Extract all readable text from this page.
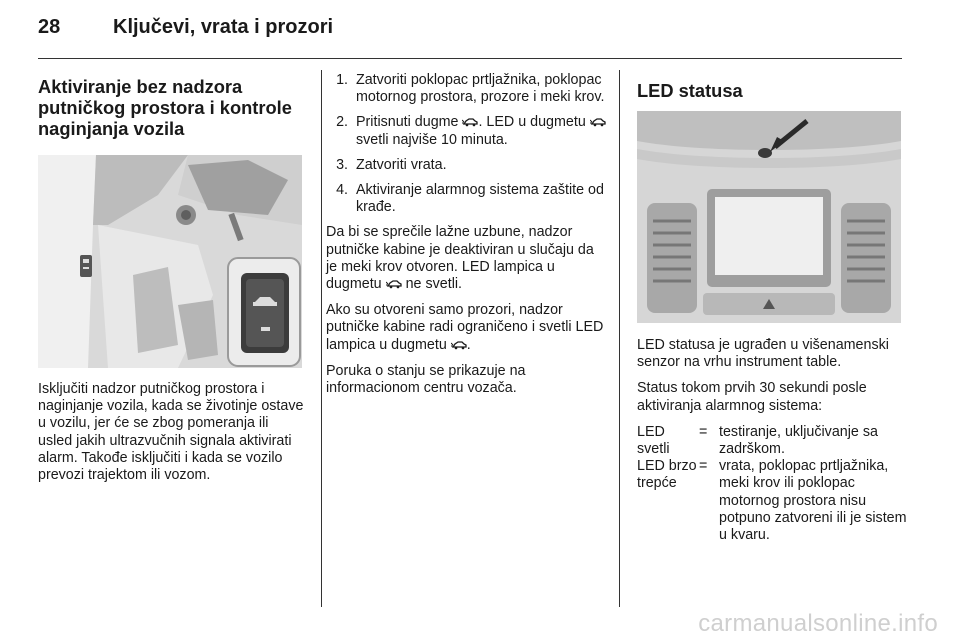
28	Ključevi, vrata i prozori
Aktiviranje bez nadzora putničkog prostora i kontrole naginjanja vozila

Isključiti nadzor putničkog prostora i naginjanje vozila, kada se životinje ostave u vozilu, jer će se zbog pomeranja ili usled jakih ultrazvučnih signala aktivirati alarm. Takođe isključiti i kada se vozilo prevozi trajektom ili vozom.

1. Zatvoriti poklopac prtljažnika, poklopac motornog prostora, prozore i meki krov.
2. Pritisnuti dugme . LED u dugmetu  svetli najviše 10 minuta.
3. Zatvoriti vrata.
4. Aktiviranje alarmnog sistema zaštite od krađe.

Da bi se sprečile lažne uzbune, nadzor putničke kabine je deaktiviran u slučaju da je meki krov otvoren. LED lampica u dugmetu  ne svetli.

Ako su otvoreni samo prozori, nadzor putničke kabine radi ograničeno i svetli LED lampica u dugmetu .

Poruka o stanju se prikazuje na informacionom centru vozača.

LED statusa

LED statusa je ugrađen u višenamenski senzor na vrhu instrument table.

Status tokom prvih 30 sekundi posle aktiviranja alarmnog sistema:

LED svetli
= testiranje, uključivanje sa zadrškom.
LED brzo trepće
= vrata, poklopac prtljažnika, meki krov ili poklopac motornog prostora nisu potpuno zatvoreni ili je sistem u kvaru.
carmanualsonline.info
